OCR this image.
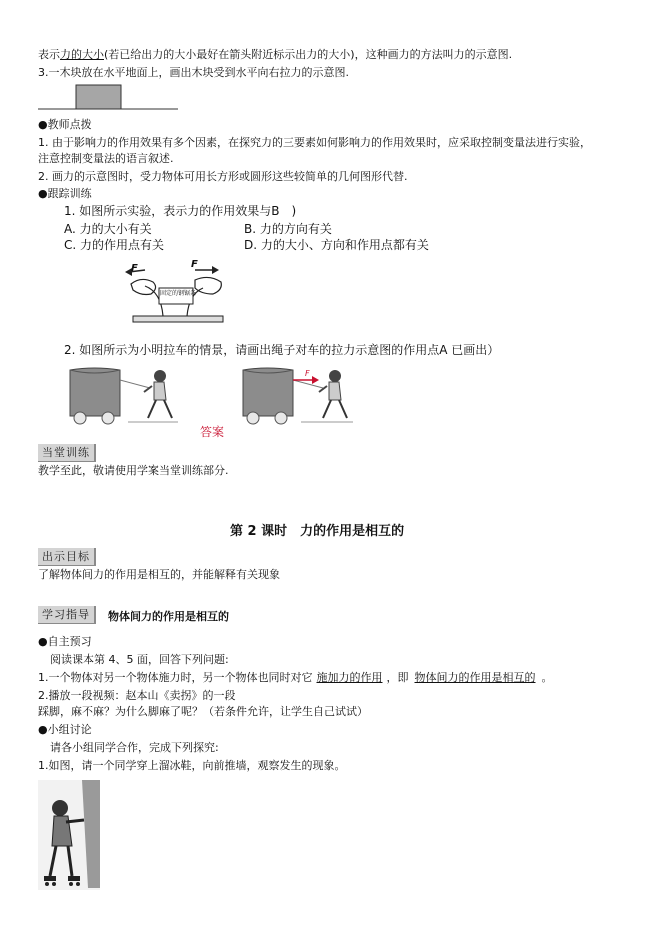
表示力的大小(若已给出力的大小最好在箭头附近标示出力的大小)，这种画力的方法叫力的示意图.
3.一木块放在水平地面上，画出木块受到水平向右拉力的示意图.
●教师点拨
1. 由于影响力的作用效果有多个因素，在探究力的三要素如何影响力的作用效果时，应采取控制变量法进行实验，
注意控制变量法的语言叙述.
2. 画力的示意图时，受力物体可用长方形或圆形这些较简单的几何图形代替.
●跟踪训练
1. 如图所示实验，表示力的作用效果与B　)
A. 力的大小有关	B. 力的方向有关
C. 力的作用点有关	D. 力的大小、方向和作用点都有关
F	F
固定的钢锯条
2. 如图所示为小明拉车的情景，请画出绳子对车的拉力示意图的作用点A 已画出）
F
答案
当堂训练
教学至此，敬请使用学案当堂训练部分.
第 2 课时　力的作用是相互的
出示目标
了解物体间力的作用是相互的，并能解释有关现象
学习指导	物体间力的作用是相互的
●自主预习
阅读课本第 4、5 面，回答下列问题:
1.一个物体对另一个物体施力时，另一个物体也同时对它 施加力的作用 ，即 物体间力的作用是相互的 。
2.播放一段视频：赵本山《卖拐》的一段
踩脚，麻不麻？为什么脚麻了呢？（若条件允许，让学生自己试试）
●小组讨论
请各小组同学合作，完成下列探究:
1.如图，请一个同学穿上溜冰鞋，向前推墙，观察发生的现象。
